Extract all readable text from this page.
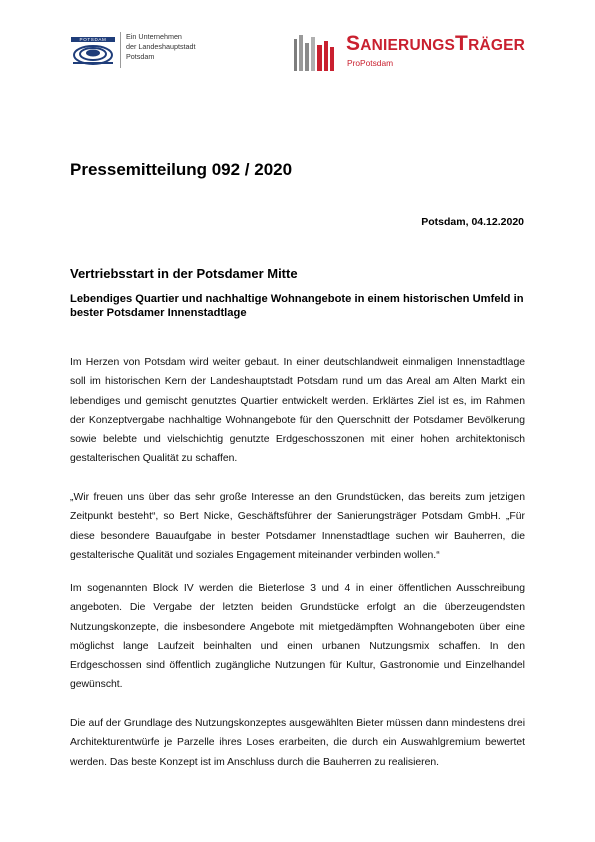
POTSDAM	Ein Unternehmen
der Landeshauptstadt
Potsdam
SANIERUNGSTRÄGER
ProPotsdam
Pressemitteilung 092 / 2020
Potsdam, 04.12.2020
Vertriebsstart in der Potsdamer Mitte
Lebendiges Quartier und nachhaltige Wohnangebote in einem historischen Umfeld in bester Potsdamer Innenstadtlage
Im Herzen von Potsdam wird weiter gebaut. In einer deutschlandweit einmaligen Innenstadtlage soll im historischen Kern der Landeshauptstadt Potsdam rund um das Areal am Alten Markt ein lebendiges und gemischt genutztes Quartier entwickelt werden. Erklärtes Ziel ist es, im Rahmen der Konzeptvergabe nachhaltige Wohnangebote für den Querschnitt der Potsdamer Bevölkerung sowie belebte und vielschichtig genutzte Erdgeschosszonen mit einer hohen architektonisch gestalterischen Qualität zu schaffen.
„Wir freuen uns über das sehr große Interesse an den Grundstücken, das bereits zum jetzigen Zeitpunkt besteht“, so Bert Nicke, Geschäftsführer der Sanierungsträger Potsdam GmbH. „Für diese besondere Bauaufgabe in bester Potsdamer Innenstadtlage suchen wir Bauherren, die gestalterische Qualität und soziales Engagement miteinander verbinden wollen.“
Im sogenannten Block IV werden die Bieterlose 3 und 4 in einer öffentlichen Ausschreibung angeboten. Die Vergabe der letzten beiden Grundstücke erfolgt an die überzeugendsten Nutzungskonzepte, die insbesondere Angebote mit mietgedämpften Wohnangeboten über eine möglichst lange Laufzeit beinhalten und einen urbanen Nutzungsmix schaffen. In den Erdgeschossen sind öffentlich zugängliche Nutzungen für Kultur, Gastronomie und Einzelhandel gewünscht.
Die auf der Grundlage des Nutzungskonzeptes ausgewählten Bieter müssen dann mindestens drei Architekturentwürfe je Parzelle ihres Loses erarbeiten, die durch ein Auswahlgremium bewertet werden. Das beste Konzept ist im Anschluss durch die Bauherren zu realisieren.
